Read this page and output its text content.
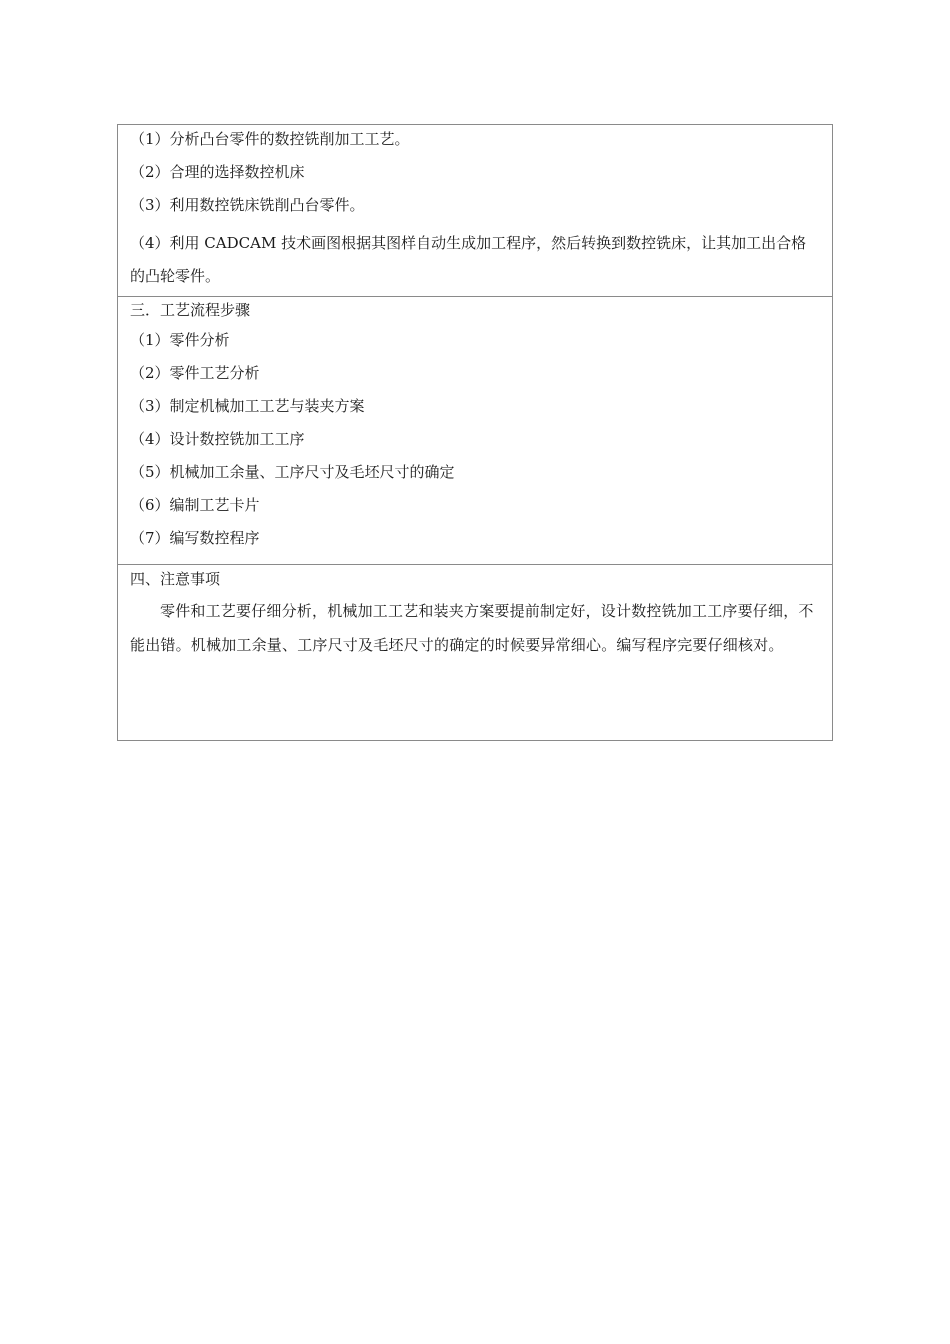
（1）分析凸台零件的数控铣削加工工艺。
（2）合理的选择数控机床
（3）利用数控铣床铣削凸台零件。
（4）利用 CADCAM 技术画图根据其图样自动生成加工程序，然后转换到数控铣床，让其加工出合格的凸轮零件。
三．工艺流程步骤
（1）零件分析
（2）零件工艺分析
（3）制定机械加工工艺与装夹方案
（4）设计数控铣加工工序
（5）机械加工余量、工序尺寸及毛坯尺寸的确定
（6）编制工艺卡片
（7）编写数控程序
四、注意事项
零件和工艺要仔细分析，机械加工工艺和装夹方案要提前制定好，设计数控铣加工工序要仔细，不能出错。机械加工余量、工序尺寸及毛坯尺寸的确定的时候要异常细心。编写程序完要仔细核对。
